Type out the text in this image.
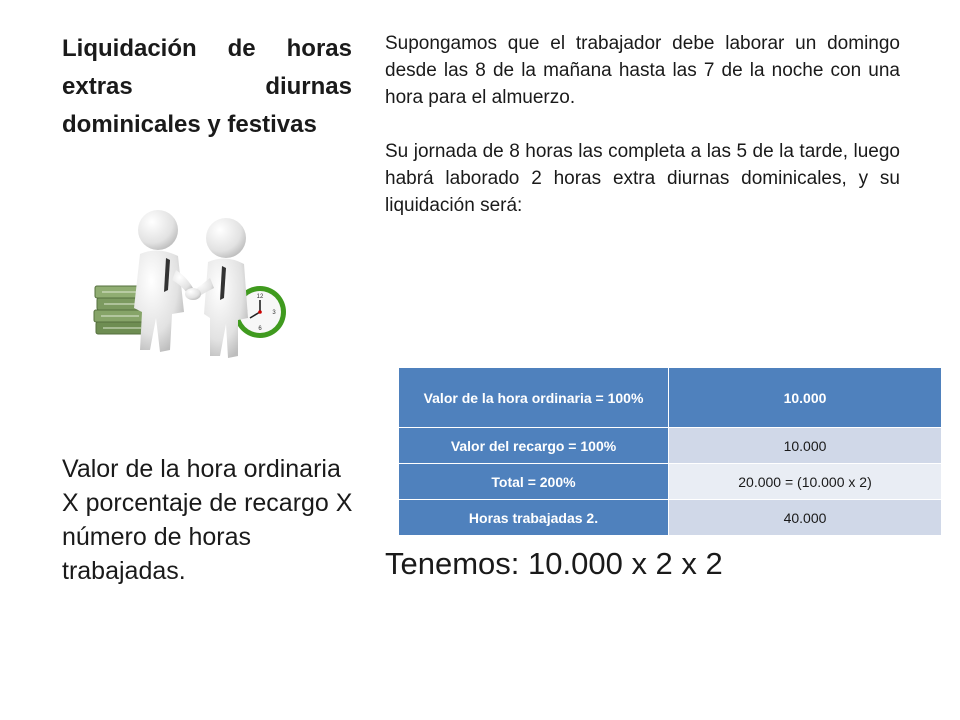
Liquidación de horas extras diurnas dominicales y festivas

Supongamos que el trabajador debe laborar un domingo desde las 8 de la mañana hasta las 7 de la noche con una hora para el almuerzo.

Su jornada de 8 horas las completa a las 5 de la tarde, luego habrá laborado 2 horas extra diurnas dominicales, y su liquidación será:

12
3
6
Valor de la hora ordinaria = 100%	10.000
Valor del recargo = 100%	10.000
Total = 200%	20.000 = (10.000 x 2)
Horas trabajadas 2.	40.000
Valor de la hora ordinaria X porcentaje de recargo X número de horas trabajadas.	Tenemos: 10.000 x 2 x 2
